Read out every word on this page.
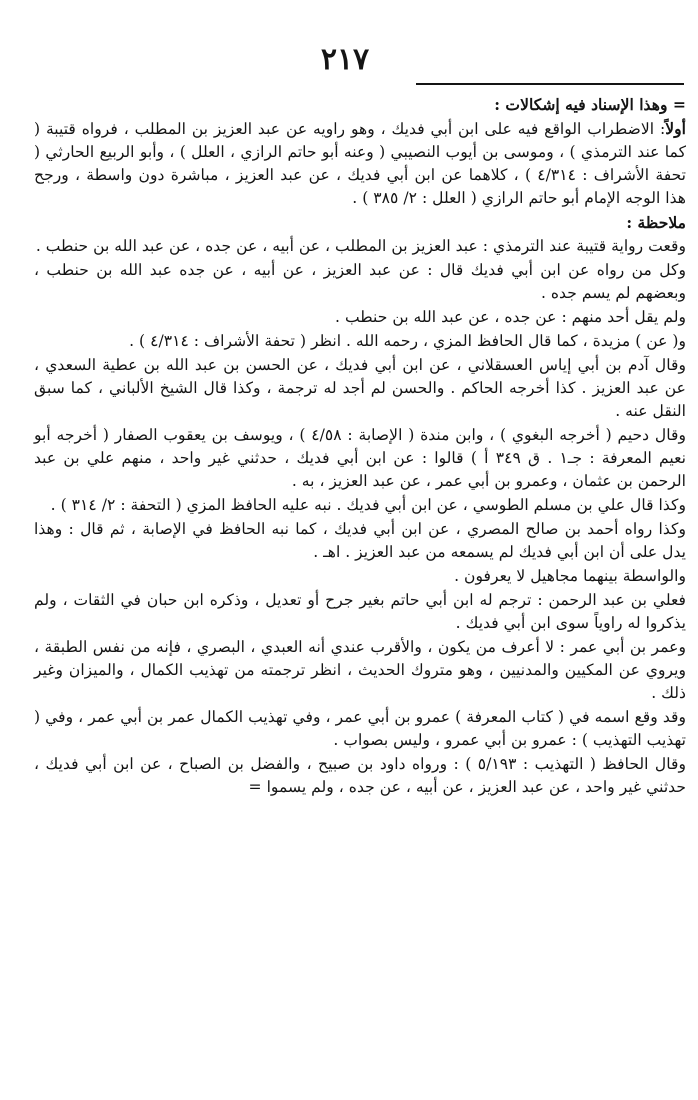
٢١٧

= وهذا الإسناد فيه إشكالات :

أولاً: الاضطراب الواقع فيه على ابن أبي فديك ، وهو راويه عن عبد العزيز بن المطلب ، فرواه قتيبة ( كما عند الترمذي ) ، وموسى بن أيوب النصيبي ( وعنه أبو حاتم الرازي ، العلل ) ، وأبو الربيع الحارثي ( تحفة الأشراف : ٤/٣١٤ ) ، كلاهما عن ابن أبي فديك ، عن عبد العزيز ، مباشرة دون واسطة ، ورجح هذا الوجه الإمام أبو حاتم الرازي ( العلل : ٢/ ٣٨٥ ) .

ملاحظة :

وقعت رواية قتيبة عند الترمذي : عبد العزيز بن المطلب ، عن أبيه ، عن جده ، عن عبد الله بن حنطب .

وكل من رواه عن ابن أبي فديك قال : عن عبد العزيز ، عن أبيه ، عن جده عبد الله بن حنطب ، وبعضهم لم يسم جده .

ولم يقل أحد منهم : عن جده ، عن عبد الله بن حنطب .

و( عن ) مزيدة ، كما قال الحافظ المزي ، رحمه الله . انظر ( تحفة الأشراف : ٤/٣١٤ ) .

وقال آدم بن أبي إياس العسقلاني ، عن ابن أبي فديك ، عن الحسن بن عبد الله بن عطية السعدي ، عن عبد العزيز . كذا أخرجه الحاكم . والحسن لم أجد له ترجمة ، وكذا قال الشيخ الألباني ، كما سبق النقل عنه .

وقال دحيم ( أخرجه البغوي ) ، وابن مندة ( الإصابة : ٤/٥٨ ) ، ويوسف بن يعقوب الصفار ( أخرجه أبو نعيم المعرفة : جـ١ . ق ٣٤٩ أ ) قالوا : عن ابن أبي فديك ، حدثني غير واحد ، منهم علي بن عبد الرحمن بن عثمان ، وعمرو بن أبي عمر ، عن عبد العزيز ، به .

وكذا قال علي بن مسلم الطوسي ، عن ابن أبي فديك . نبه عليه الحافظ المزي ( التحفة : ٢/ ٣١٤ ) .

وكذا رواه أحمد بن صالح المصري ، عن ابن أبي فديك ، كما نبه الحافظ في الإصابة ، ثم قال : وهذا يدل على أن ابن أبي فديك لم يسمعه من عبد العزيز . اهـ .

والواسطة بينهما مجاهيل لا يعرفون .

فعلي بن عبد الرحمن : ترجم له ابن أبي حاتم بغير جرح أو تعديل ، وذكره ابن حبان في الثقات ، ولم يذكروا له راوياً سوى ابن أبي فديك .

وعمر بن أبي عمر : لا أعرف من يكون ، والأقرب عندي أنه العبدي ، البصري ، فإنه من نفس الطبقة ، ويروي عن المكيين والمدنيين ، وهو متروك الحديث ، انظر ترجمته من تهذيب الكمال ، والميزان وغير ذلك .

وقد وقع اسمه في ( كتاب المعرفة ) عمرو بن أبي عمر ، وفي تهذيب الكمال عمر بن أبي عمر ، وفي ( تهذيب التهذيب ) : عمرو بن أبي عمرو ، وليس بصواب .

وقال الحافظ ( التهذيب : ٥/١٩٣ ) : ورواه داود بن صبيح ، والفضل بن الصباح ، عن ابن أبي فديك ، حدثني غير واحد ، عن عبد العزيز ، عن أبيه ، عن جده ، ولم يسموا =
